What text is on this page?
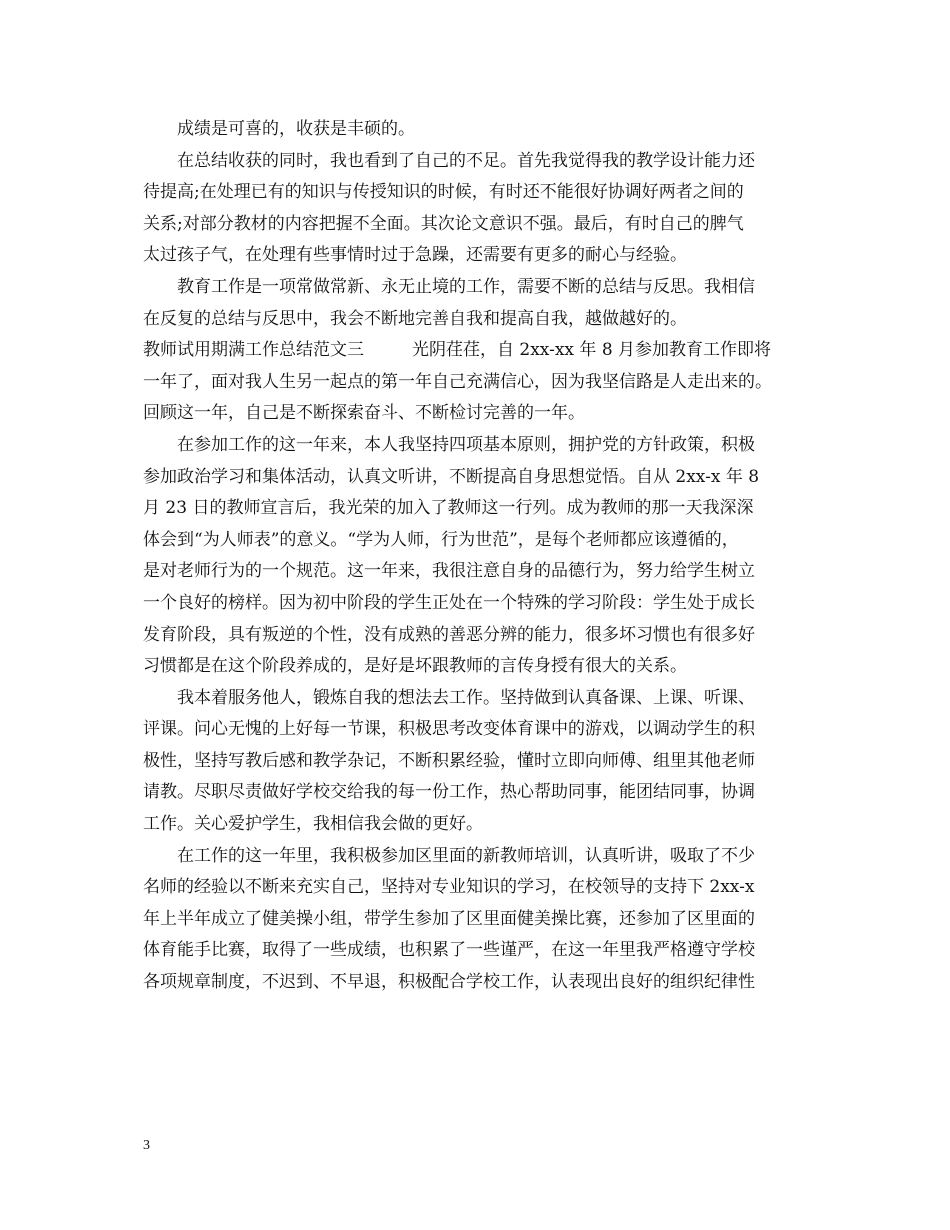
成绩是可喜的，收获是丰硕的。
在总结收获的同时，我也看到了自己的不足。首先我觉得我的教学设计能力还
待提高;在处理已有的知识与传授知识的时候，有时还不能很好协调好两者之间的
关系;对部分教材的内容把握不全面。其次论文意识不强。最后，有时自己的脾气
太过孩子气，在处理有些事情时过于急躁，还需要有更多的耐心与经验。
教育工作是一项常做常新、永无止境的工作，需要不断的总结与反思。我相信
在反复的总结与反思中，我会不断地完善自我和提高自我，越做越好的。
教师试用期满工作总结范文三	光阴荏荏，自 2xx-xx 年 8 月参加教育工作即将
一年了，面对我人生另一起点的第一年自己充满信心，因为我坚信路是人走出来的。
回顾这一年，自己是不断探索奋斗、不断检讨完善的一年。
在参加工作的这一年来，本人我坚持四项基本原则，拥护党的方针政策，积极
参加政治学习和集体活动，认真文听讲，不断提高自身思想觉悟。自从 2xx-x 年 8
月 23 日的教师宣言后，我光荣的加入了教师这一行列。成为教师的那一天我深深
体会到“为人师表”的意义。“学为人师，行为世范”，是每个老师都应该遵循的，
是对老师行为的一个规范。这一年来，我很注意自身的品德行为，努力给学生树立
一个良好的榜样。因为初中阶段的学生正处在一个特殊的学习阶段：学生处于成长
发育阶段，具有叛逆的个性，没有成熟的善恶分辨的能力，很多坏习惯也有很多好
习惯都是在这个阶段养成的，是好是坏跟教师的言传身授有很大的关系。
我本着服务他人，锻炼自我的想法去工作。坚持做到认真备课、上课、听课、
评课。问心无愧的上好每一节课，积极思考改变体育课中的游戏，以调动学生的积
极性，坚持写教后感和教学杂记，不断积累经验，懂时立即向师傅、组里其他老师
请教。尽职尽责做好学校交给我的每一份工作，热心帮助同事，能团结同事，协调
工作。关心爱护学生，我相信我会做的更好。
在工作的这一年里，我积极参加区里面的新教师培训，认真听讲，吸取了不少
名师的经验以不断来充实自己，坚持对专业知识的学习，在校领导的支持下 2xx-x
年上半年成立了健美操小组，带学生参加了区里面健美操比赛，还参加了区里面的
体育能手比赛，取得了一些成绩，也积累了一些谨严，在这一年里我严格遵守学校
各项规章制度，不迟到、不早退，积极配合学校工作，认表现出良好的组织纪律性
3
